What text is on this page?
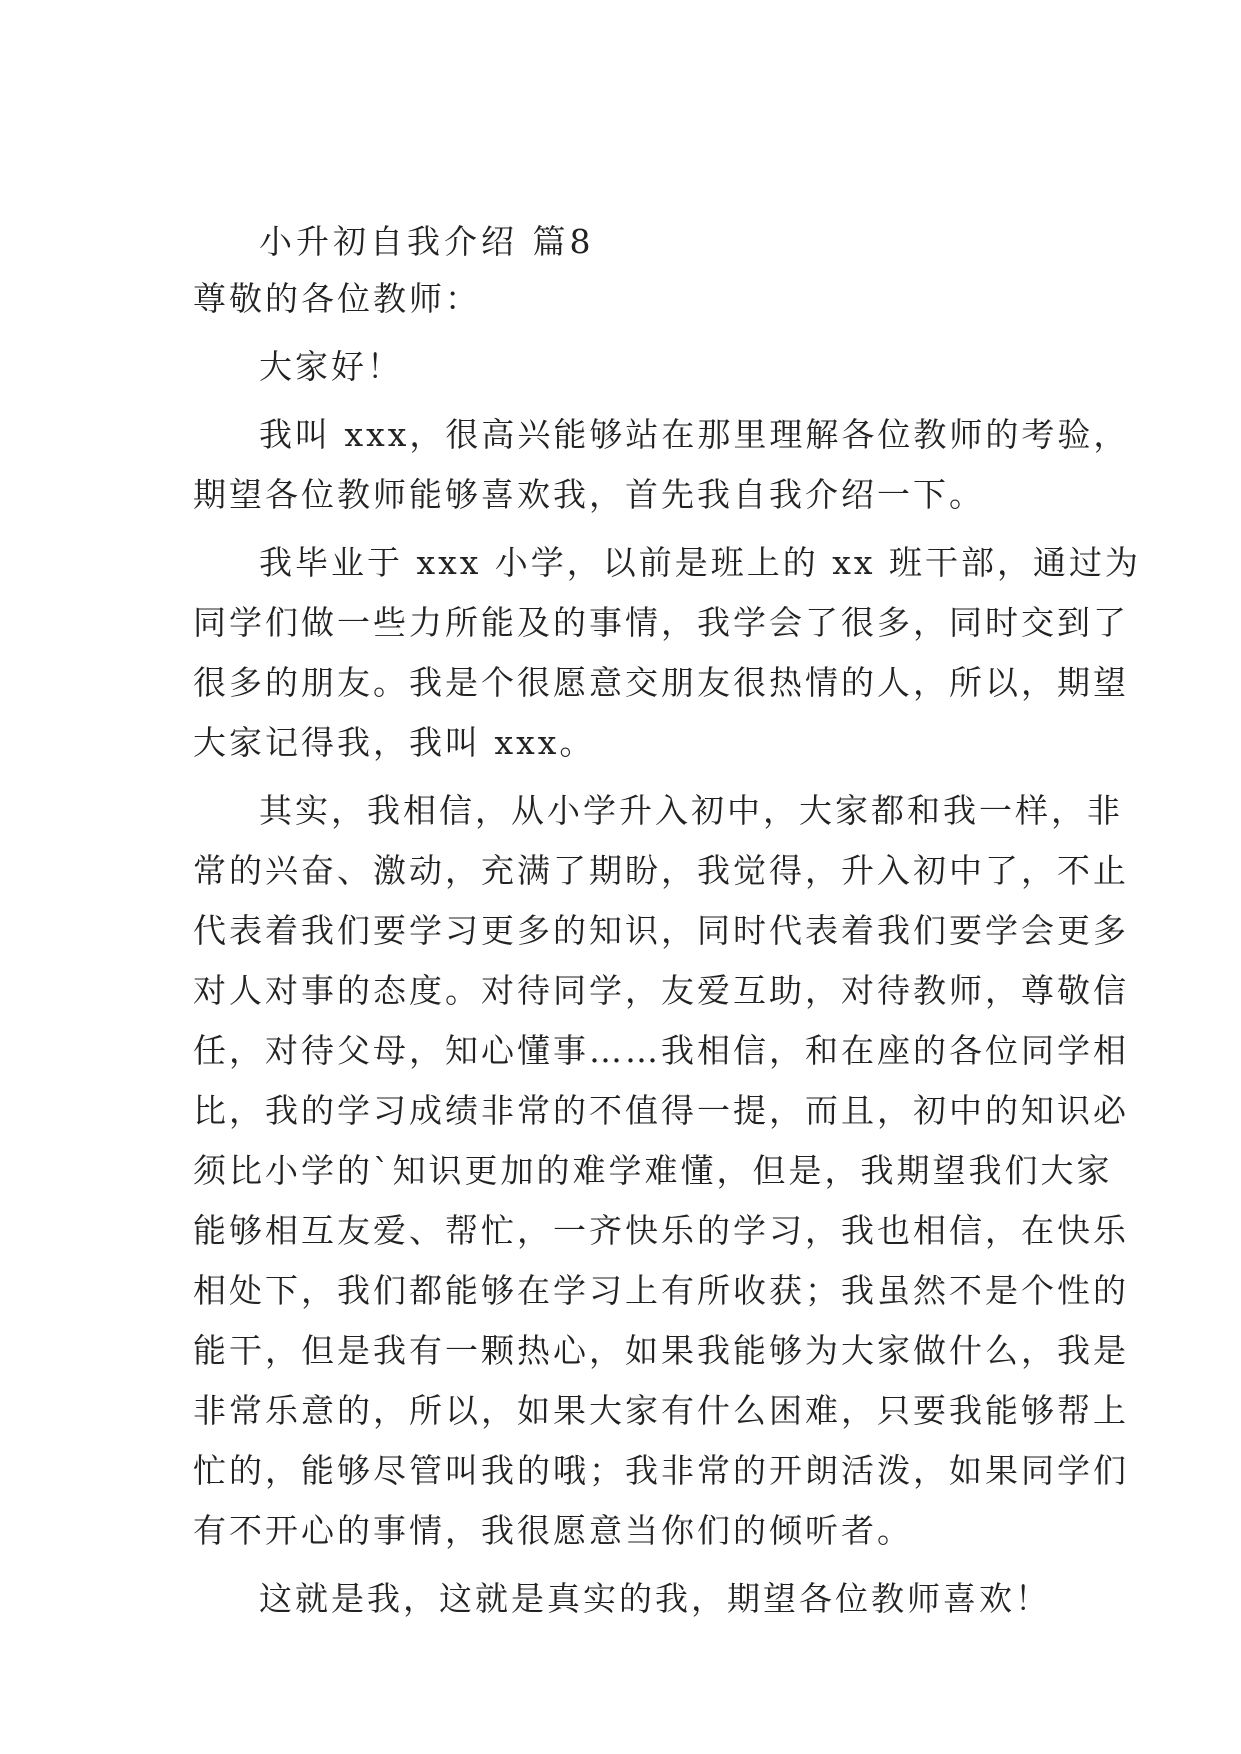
小升初自我介绍 篇8
尊敬的各位教师：
大家好！
我叫 xxx，很高兴能够站在那里理解各位教师的考验，
期望各位教师能够喜欢我，首先我自我介绍一下。
我毕业于 xxx 小学，以前是班上的 xx 班干部，通过为
同学们做一些力所能及的事情，我学会了很多，同时交到了
很多的朋友。我是个很愿意交朋友很热情的人，所以，期望
大家记得我，我叫 xxx。
其实，我相信，从小学升入初中，大家都和我一样，非
常的兴奋、激动，充满了期盼，我觉得，升入初中了，不止
代表着我们要学习更多的知识，同时代表着我们要学会更多
对人对事的态度。对待同学，友爱互助，对待教师，尊敬信
任，对待父母，知心懂事……我相信，和在座的各位同学相
比，我的学习成绩非常的不值得一提，而且，初中的知识必
须比小学的`知识更加的难学难懂，但是，我期望我们大家
能够相互友爱、帮忙，一齐快乐的学习，我也相信，在快乐
相处下，我们都能够在学习上有所收获；我虽然不是个性的
能干，但是我有一颗热心，如果我能够为大家做什么，我是
非常乐意的，所以，如果大家有什么困难，只要我能够帮上
忙的，能够尽管叫我的哦；我非常的开朗活泼，如果同学们
有不开心的事情，我很愿意当你们的倾听者。
这就是我，这就是真实的我，期望各位教师喜欢！
